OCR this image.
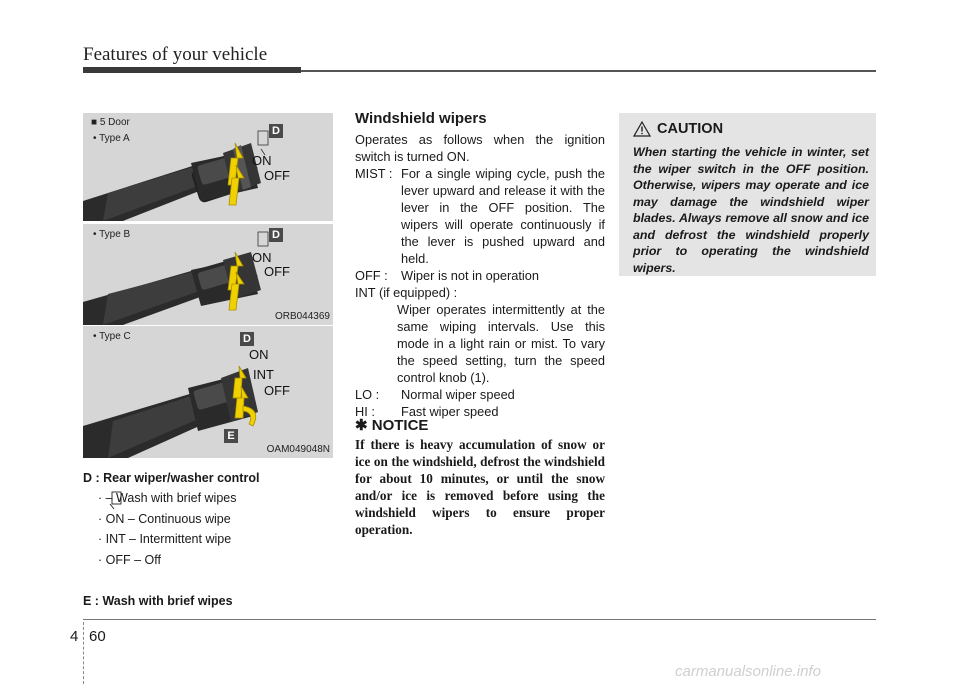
Features of your vehicle
■ 5 Door
• Type A
D
ON
OFF
• Type B	D
ON
OFF
ORB044369
• Type C	D
ON
INT
OFF
E
OAM049048N
D : Rear wiper/washer control
· – Wash with brief wipes
· ON – Continuous wipe
· INT – Intermittent wipe
· OFF – Off
E : Wash with brief wipes
Windshield wipers
Operates as follows when the ignition switch is turned ON.
MIST : For a single wiping cycle, push the lever upward and release it with the lever in the OFF position. The wipers will operate continuously if the lever is pushed upward and held.
OFF :	Wiper is not in operation
INT (if equipped) :
Wiper operates intermittently at the same wiping intervals. Use this mode in a light rain or mist. To vary the speed setting, turn the speed control knob (1).
LO :	Normal wiper speed
HI :	Fast wiper speed
✱ NOTICE
If there is heavy accumulation of snow or ice on the windshield, defrost the windshield for about 10 minutes, or until the snow and/or ice is removed before using the windshield wipers to ensure proper operation.
CAUTION
When starting the vehicle in winter, set the wiper switch in the OFF position. Otherwise, wipers may operate and ice may damage the windshield wiper blades. Always remove all snow and ice and defrost the windshield properly prior to operating the windshield wipers.
4 60
carmanualsonline.info
